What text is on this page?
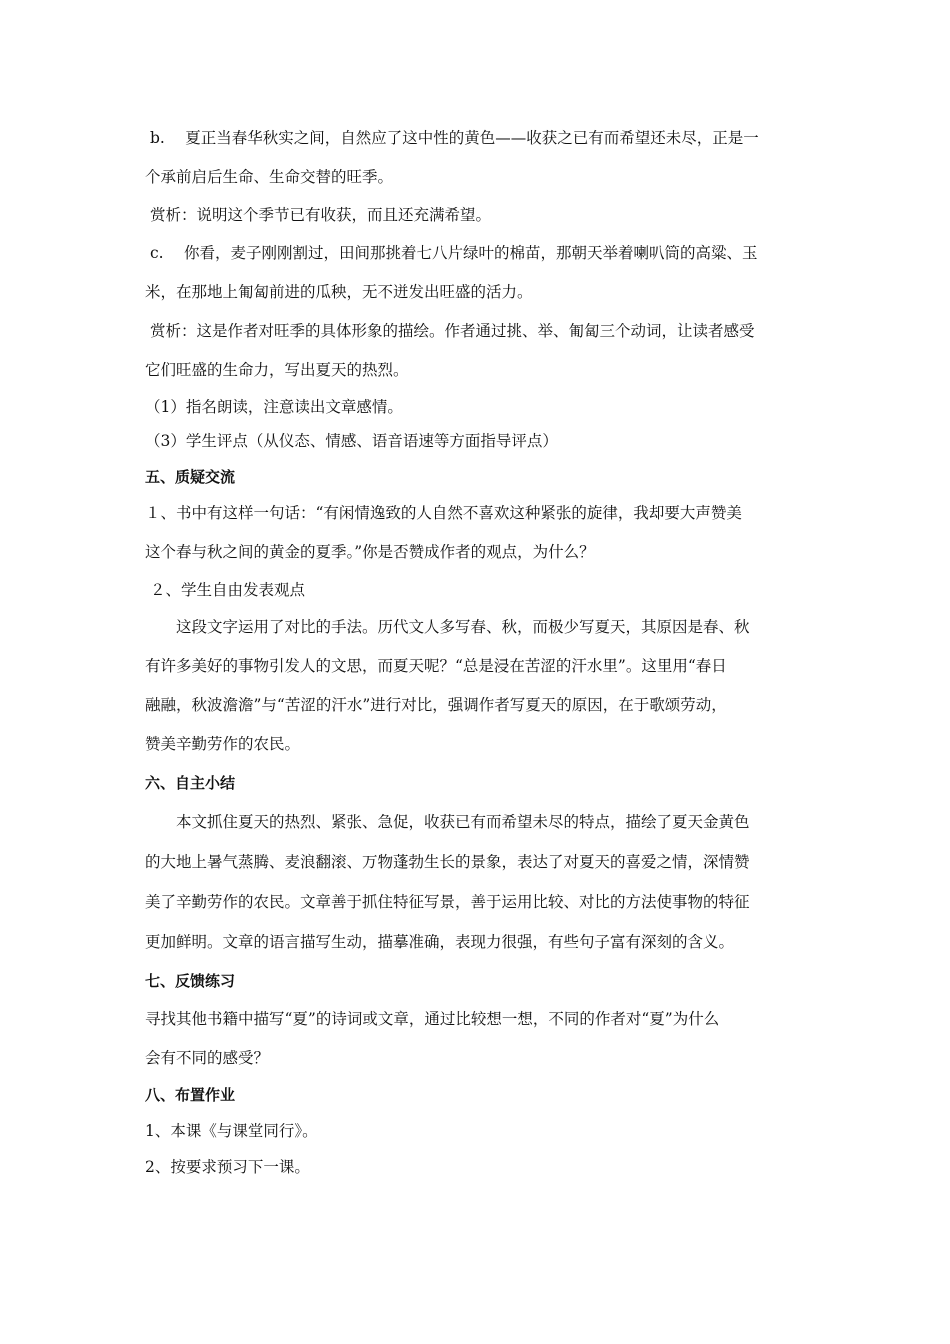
b.　 夏正当春华秋实之间，自然应了这中性的黄色——收获之已有而希望还未尽，正是一
个承前启后生命、生命交替的旺季。
赏析：说明这个季节已有收获，而且还充满希望。
c.　 你看，麦子刚刚割过，田间那挑着七八片绿叶的棉苗，那朝天举着喇叭筒的高粱、玉
米，在那地上匍匐前进的瓜秧，无不迸发出旺盛的活力。
赏析：这是作者对旺季的具体形象的描绘。作者通过挑、举、匍匐三个动词，让读者感受
它们旺盛的生命力，写出夏天的热烈。
（1）指名朗读，注意读出文章感情。
（3）学生评点（从仪态、情感、语音语速等方面指导评点）
五、质疑交流
１、书中有这样一句话：“有闲情逸致的人自然不喜欢这种紧张的旋律，我却要大声赞美
这个春与秋之间的黄金的夏季。”你是否赞成作者的观点，为什么？
２、学生自由发表观点
这段文字运用了对比的手法。历代文人多写春、秋，而极少写夏天，其原因是春、秋
有许多美好的事物引发人的文思，而夏天呢？“总是浸在苦涩的汗水里”。这里用“春日
融融，秋波澹澹”与“苦涩的汗水”进行对比，强调作者写夏天的原因，在于歌颂劳动，
赞美辛勤劳作的农民。
六、自主小结
本文抓住夏天的热烈、紧张、急促，收获已有而希望未尽的特点，描绘了夏天金黄色
的大地上暑气蒸腾、麦浪翻滚、万物蓬勃生长的景象，表达了对夏天的喜爱之情，深情赞
美了辛勤劳作的农民。文章善于抓住特征写景，善于运用比较、对比的方法使事物的特征
更加鲜明。文章的语言描写生动，描摹准确，表现力很强，有些句子富有深刻的含义。
七、反馈练习
寻找其他书籍中描写“夏”的诗词或文章，通过比较想一想，不同的作者对“夏”为什么
会有不同的感受？
八、布置作业
1、本课《与课堂同行》。
2、按要求预习下一课。
